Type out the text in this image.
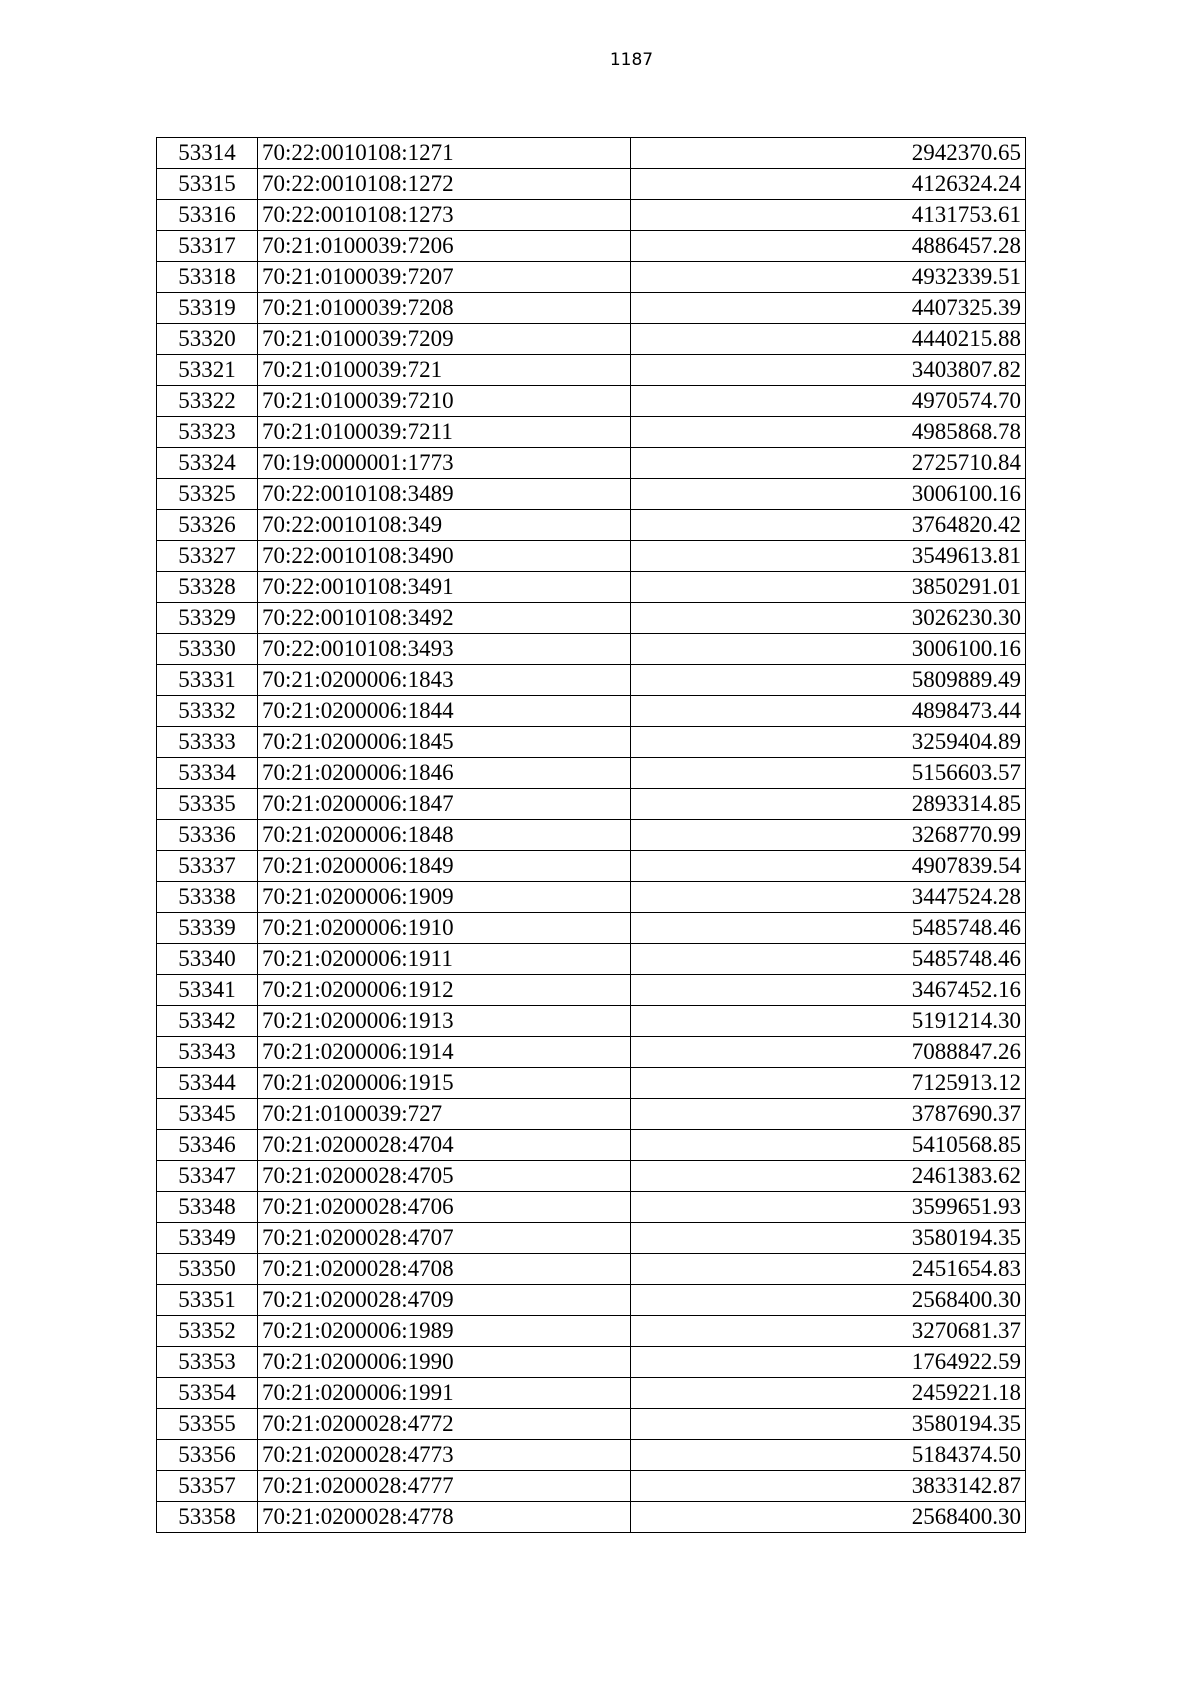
1187
53314	70:22:0010108:1271	2942370.65
53315	70:22:0010108:1272	4126324.24
53316	70:22:0010108:1273	4131753.61
53317	70:21:0100039:7206	4886457.28
53318	70:21:0100039:7207	4932339.51
53319	70:21:0100039:7208	4407325.39
53320	70:21:0100039:7209	4440215.88
53321	70:21:0100039:721	3403807.82
53322	70:21:0100039:7210	4970574.70
53323	70:21:0100039:7211	4985868.78
53324	70:19:0000001:1773	2725710.84
53325	70:22:0010108:3489	3006100.16
53326	70:22:0010108:349	3764820.42
53327	70:22:0010108:3490	3549613.81
53328	70:22:0010108:3491	3850291.01
53329	70:22:0010108:3492	3026230.30
53330	70:22:0010108:3493	3006100.16
53331	70:21:0200006:1843	5809889.49
53332	70:21:0200006:1844	4898473.44
53333	70:21:0200006:1845	3259404.89
53334	70:21:0200006:1846	5156603.57
53335	70:21:0200006:1847	2893314.85
53336	70:21:0200006:1848	3268770.99
53337	70:21:0200006:1849	4907839.54
53338	70:21:0200006:1909	3447524.28
53339	70:21:0200006:1910	5485748.46
53340	70:21:0200006:1911	5485748.46
53341	70:21:0200006:1912	3467452.16
53342	70:21:0200006:1913	5191214.30
53343	70:21:0200006:1914	7088847.26
53344	70:21:0200006:1915	7125913.12
53345	70:21:0100039:727	3787690.37
53346	70:21:0200028:4704	5410568.85
53347	70:21:0200028:4705	2461383.62
53348	70:21:0200028:4706	3599651.93
53349	70:21:0200028:4707	3580194.35
53350	70:21:0200028:4708	2451654.83
53351	70:21:0200028:4709	2568400.30
53352	70:21:0200006:1989	3270681.37
53353	70:21:0200006:1990	1764922.59
53354	70:21:0200006:1991	2459221.18
53355	70:21:0200028:4772	3580194.35
53356	70:21:0200028:4773	5184374.50
53357	70:21:0200028:4777	3833142.87
53358	70:21:0200028:4778	2568400.30
